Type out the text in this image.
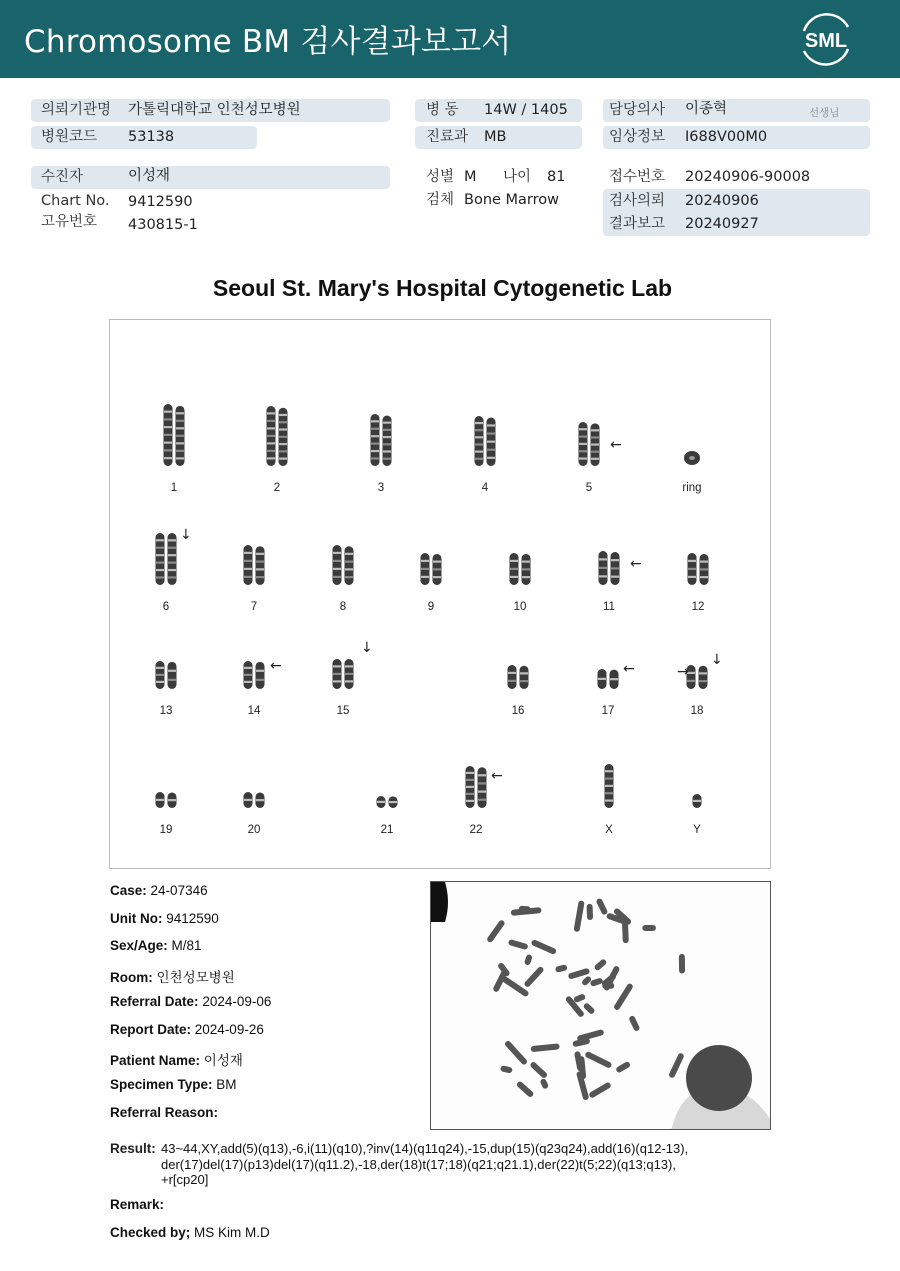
Chromosome BM 검사결과보고서	SML
의뢰기관명 가톨릭대학교 인천성모병원
병원코드 53138
병 동 14W / 1405
진료과 MB
담당의사 이종혁	선생님
임상정보 I688V00M0
수진자	이성재
Chart No. 9412590
고유번호 430815-1
성별 M 나이 81
검체 Bone Marrow
접수번호 20240906-90008
검사의뢰 20240906
결과보고 20240927
Seoul St. Mary's Hospital Cytogenetic Lab
1	2	3	4	5	ring
6	7	8	9	10	11	12
13	14	15	16	17	18
19	20	21	22	X	Y
←
↓
←
←
↓
←	→
↓
←
Case: 24-07346
Unit No: 9412590
Sex/Age: M/81
Room: 인천성모병원
Referral Date: 2024-09-06
Report Date: 2024-09-26
Patient Name: 이성재
Specimen Type: BM
Referral Reason:
Result: 43~44,XY,add(5)(q13),-6,i(11)(q10),?inv(14)(q11q24),-15,dup(15)(q23q24),add(16)(q12-13),
der(17)del(17)(p13)del(17)(q11.2),-18,der(18)t(17;18)(q21;q21.1),der(22)t(5;22)(q13;q13),
+r[cp20]
Remark:
Checked by; MS Kim M.D
